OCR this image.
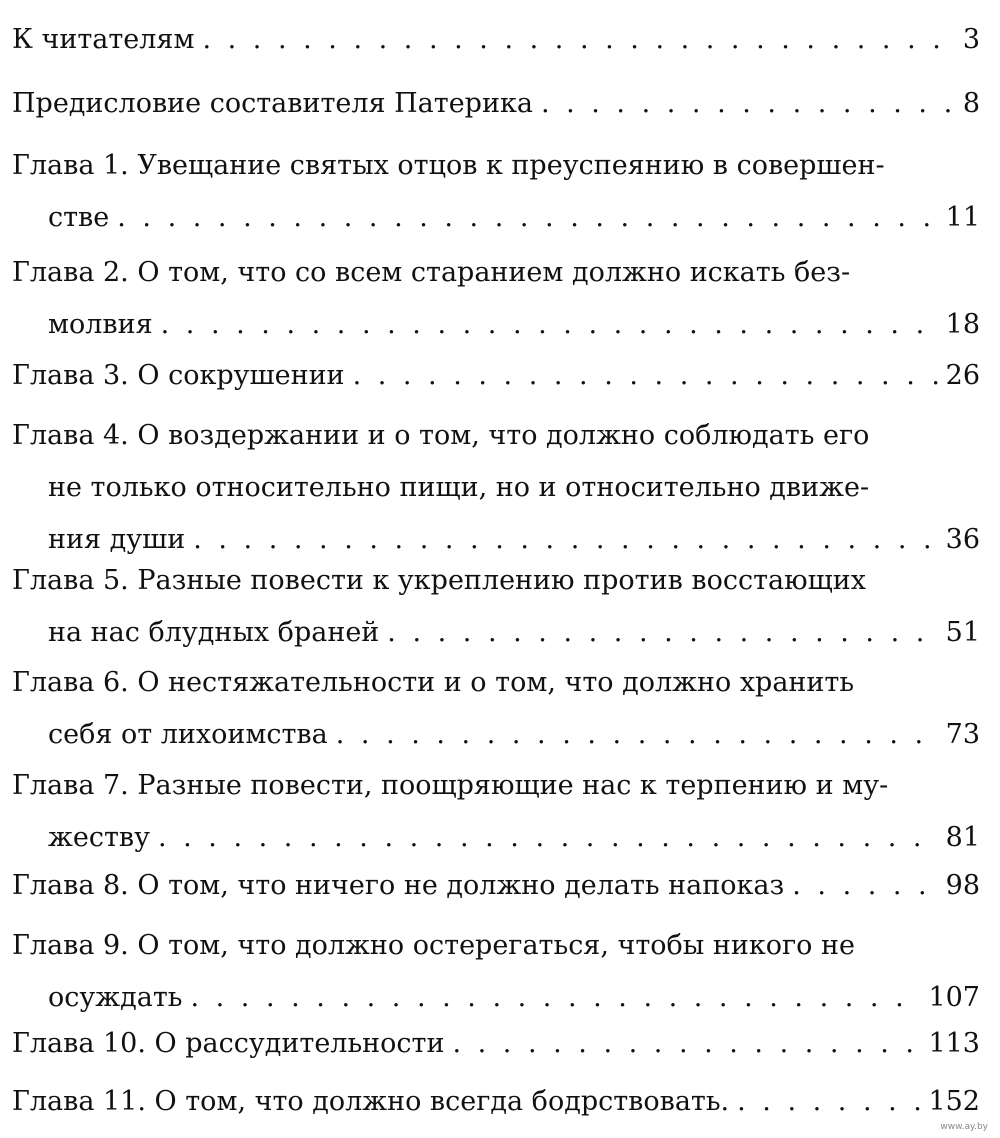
К читателям . . .	3
Предисловие составителя Патерика . . .	8
Глава 1. Увещание святых отцов к преуспеянию в совершен-
стве . . .	11
Глава 2. О том, что со всем старанием должно искать без-
молвия . . .	18
Глава 3. О сокрушении . . .	26
Глава 4. О воздержании и о том, что должно соблюдать его
не только относительно пищи, но и относительно движе-
ния души . . .	36
Глава 5. Разные повести к укреплению против восстающих
на нас блудных браней . . .	51
Глава 6. О нестяжательности и о том, что должно хранить
себя от лихоимства . . .	73
Глава 7. Разные повести, поощряющие нас к терпению и му-
жеству . . .	81
Глава 8. О том, что ничего не должно делать напоказ . . .	98
Глава 9. О том, что должно остерегаться, чтобы никого не
осуждать . . .	107
Глава 10. О рассудительности . . .	113
Глава 11. О том, что должно всегда бодрствовать. . . .	152
www.ay.by
